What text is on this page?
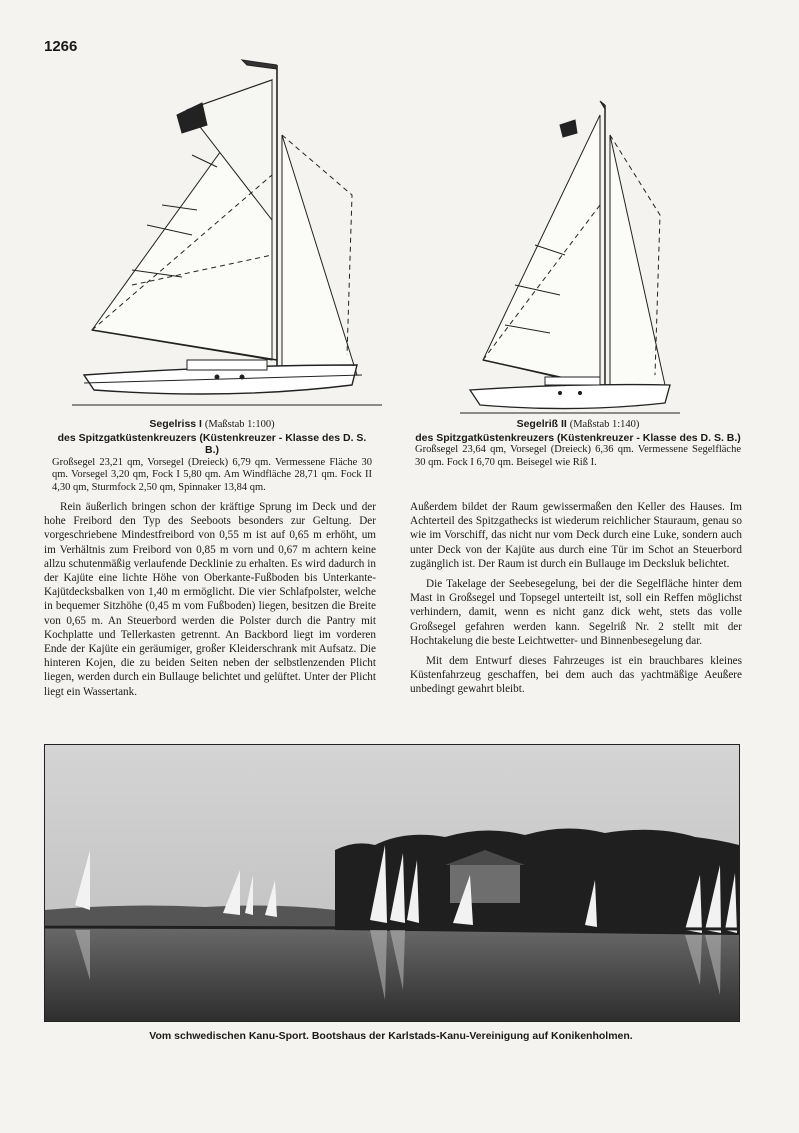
1266
Segelriss I (Maßstab 1:100)
des Spitzgatküstenkreuzers (Küstenkreuzer - Klasse des D. S. B.)
Großsegel 23,21 qm, Vorsegel (Dreieck) 6,79 qm. Vermessene Fläche 30 qm. Vorsegel 3,20 qm, Fock I 5,80 qm. Am Windfläche 28,71 qm. Fock II 4,30 qm, Sturmfock 2,50 qm, Spinnaker 13,84 qm.
Segelriß II (Maßstab 1:140)
des Spitzgatküstenkreuzers (Küstenkreuzer - Klasse des D. S. B.)
Großsegel 23,64 qm, Vorsegel (Dreieck) 6,36 qm. Vermessene Segelfläche 30 qm. Fock I 6,70 qm. Beisegel wie Riß I.

Rein äußerlich bringen schon der kräftige Sprung im Deck und der hohe Freibord den Typ des Seeboots besonders zur Geltung. Der vorgeschriebene Mindestfreibord von 0,55 m ist auf 0,65 m erhöht, um im Verhältnis zum Freibord von 0,85 m vorn und 0,67 m achtern keine allzu schutenmäßig verlaufende Decklinie zu erhalten. Es wird dadurch in der Kajüte eine lichte Höhe von Oberkante-Fußboden bis Unterkante-Kajütdecksbalken von 1,40 m ermöglicht. Die vier Schlafpolster, welche in bequemer Sitzhöhe (0,45 m vom Fußboden) liegen, besitzen die Breite von 0,65 m. An Steuerbord werden die Polster durch die Pantry mit Kochplatte und Tellerkasten getrennt. An Backbord liegt im vorderen Ende der Kajüte ein geräumiger, großer Kleiderschrank mit Aufsatz. Die hinteren Kojen, die zu beiden Seiten neben der selbstlenzenden Plicht liegen, werden durch ein Bullauge belichtet und gelüftet. Unter der Plicht liegt ein Wassertank.

Außerdem bildet der Raum gewissermaßen den Keller des Hauses. Im Achterteil des Spitzgathecks ist wiederum reichlicher Stauraum, genau so wie im Vorschiff, das nicht nur vom Deck durch eine Luke, sondern auch unter Deck von der Kajüte aus durch eine Tür im Schot an Steuerbord zugänglich ist. Der Raum ist durch ein Bullauge im Decksluk belichtet.

Die Takelage der Seebesegelung, bei der die Segelfläche hinter dem Mast in Großsegel und Topsegel unterteilt ist, soll ein Reffen möglichst verhindern, damit, wenn es nicht ganz dick weht, stets das volle Großsegel gefahren werden kann. Segelriß Nr. 2 stellt mit der Hochtakelung die beste Leichtwetter- und Binnenbesegelung dar.

Mit dem Entwurf dieses Fahrzeuges ist ein brauchbares kleines Küstenfahrzeug geschaffen, bei dem auch das yachtmäßige Aeußere unbedingt gewahrt bleibt.

Vom schwedischen Kanu-Sport. Bootshaus der Karlstads-Kanu-Vereinigung auf Konikenholmen.
